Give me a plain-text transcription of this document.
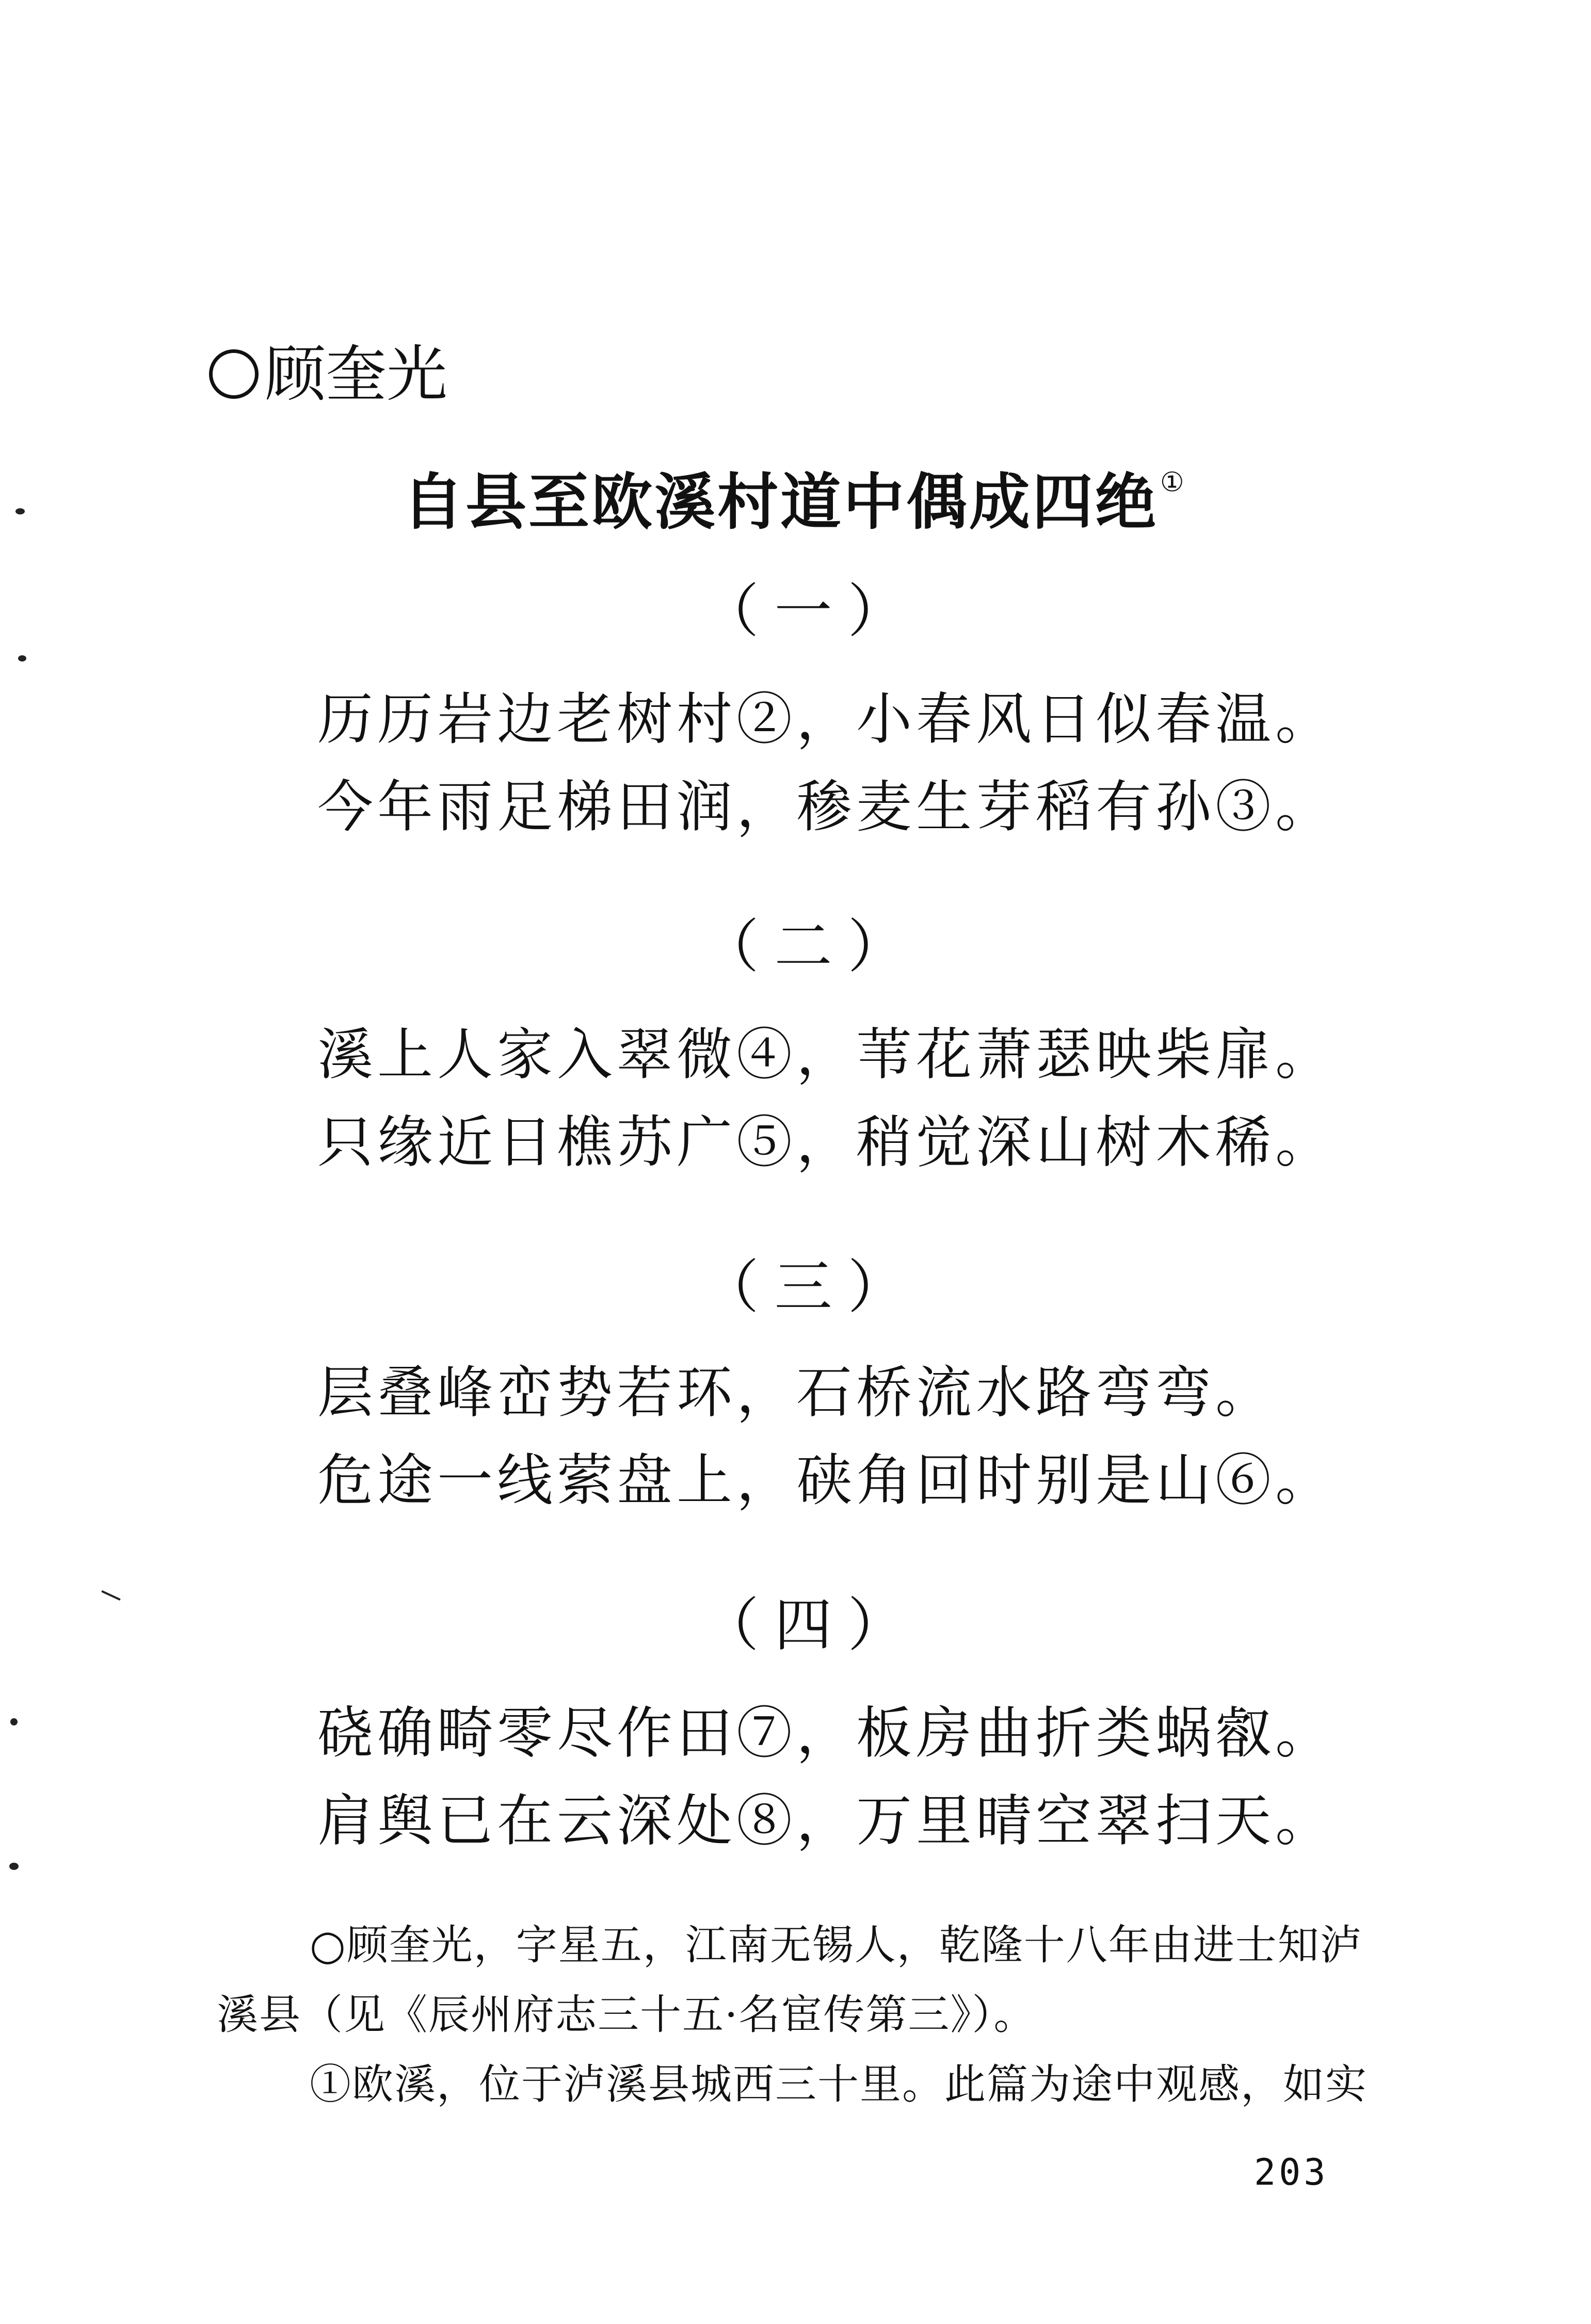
顾奎光
自县至欧溪村道中偶成四绝①
（一）
历历岩边老树村②，小春风日似春温。
今年雨足梯田润，䅟麦生芽稻有孙③。
（二）
溪上人家入翠微④，苇花萧瑟映柴扉。
只缘近日樵苏广⑤，稍觉深山树木稀。
（三）
层叠峰峦势若环，石桥流水路弯弯。
危途一线萦盘上，硖角回时别是山⑥。
（四）
硗确畸零尽作田⑦，板房曲折类蜗㕡。
肩舆已在云深处⑧，万里晴空翠扫天。
○顾奎光，字星五，江南无锡人，乾隆十八年由进士知泸
溪县（见《辰州府志三十五·名宦传第三》）。
①欧溪，位于泸溪县城西三十里。此篇为途中观感，如实
203
